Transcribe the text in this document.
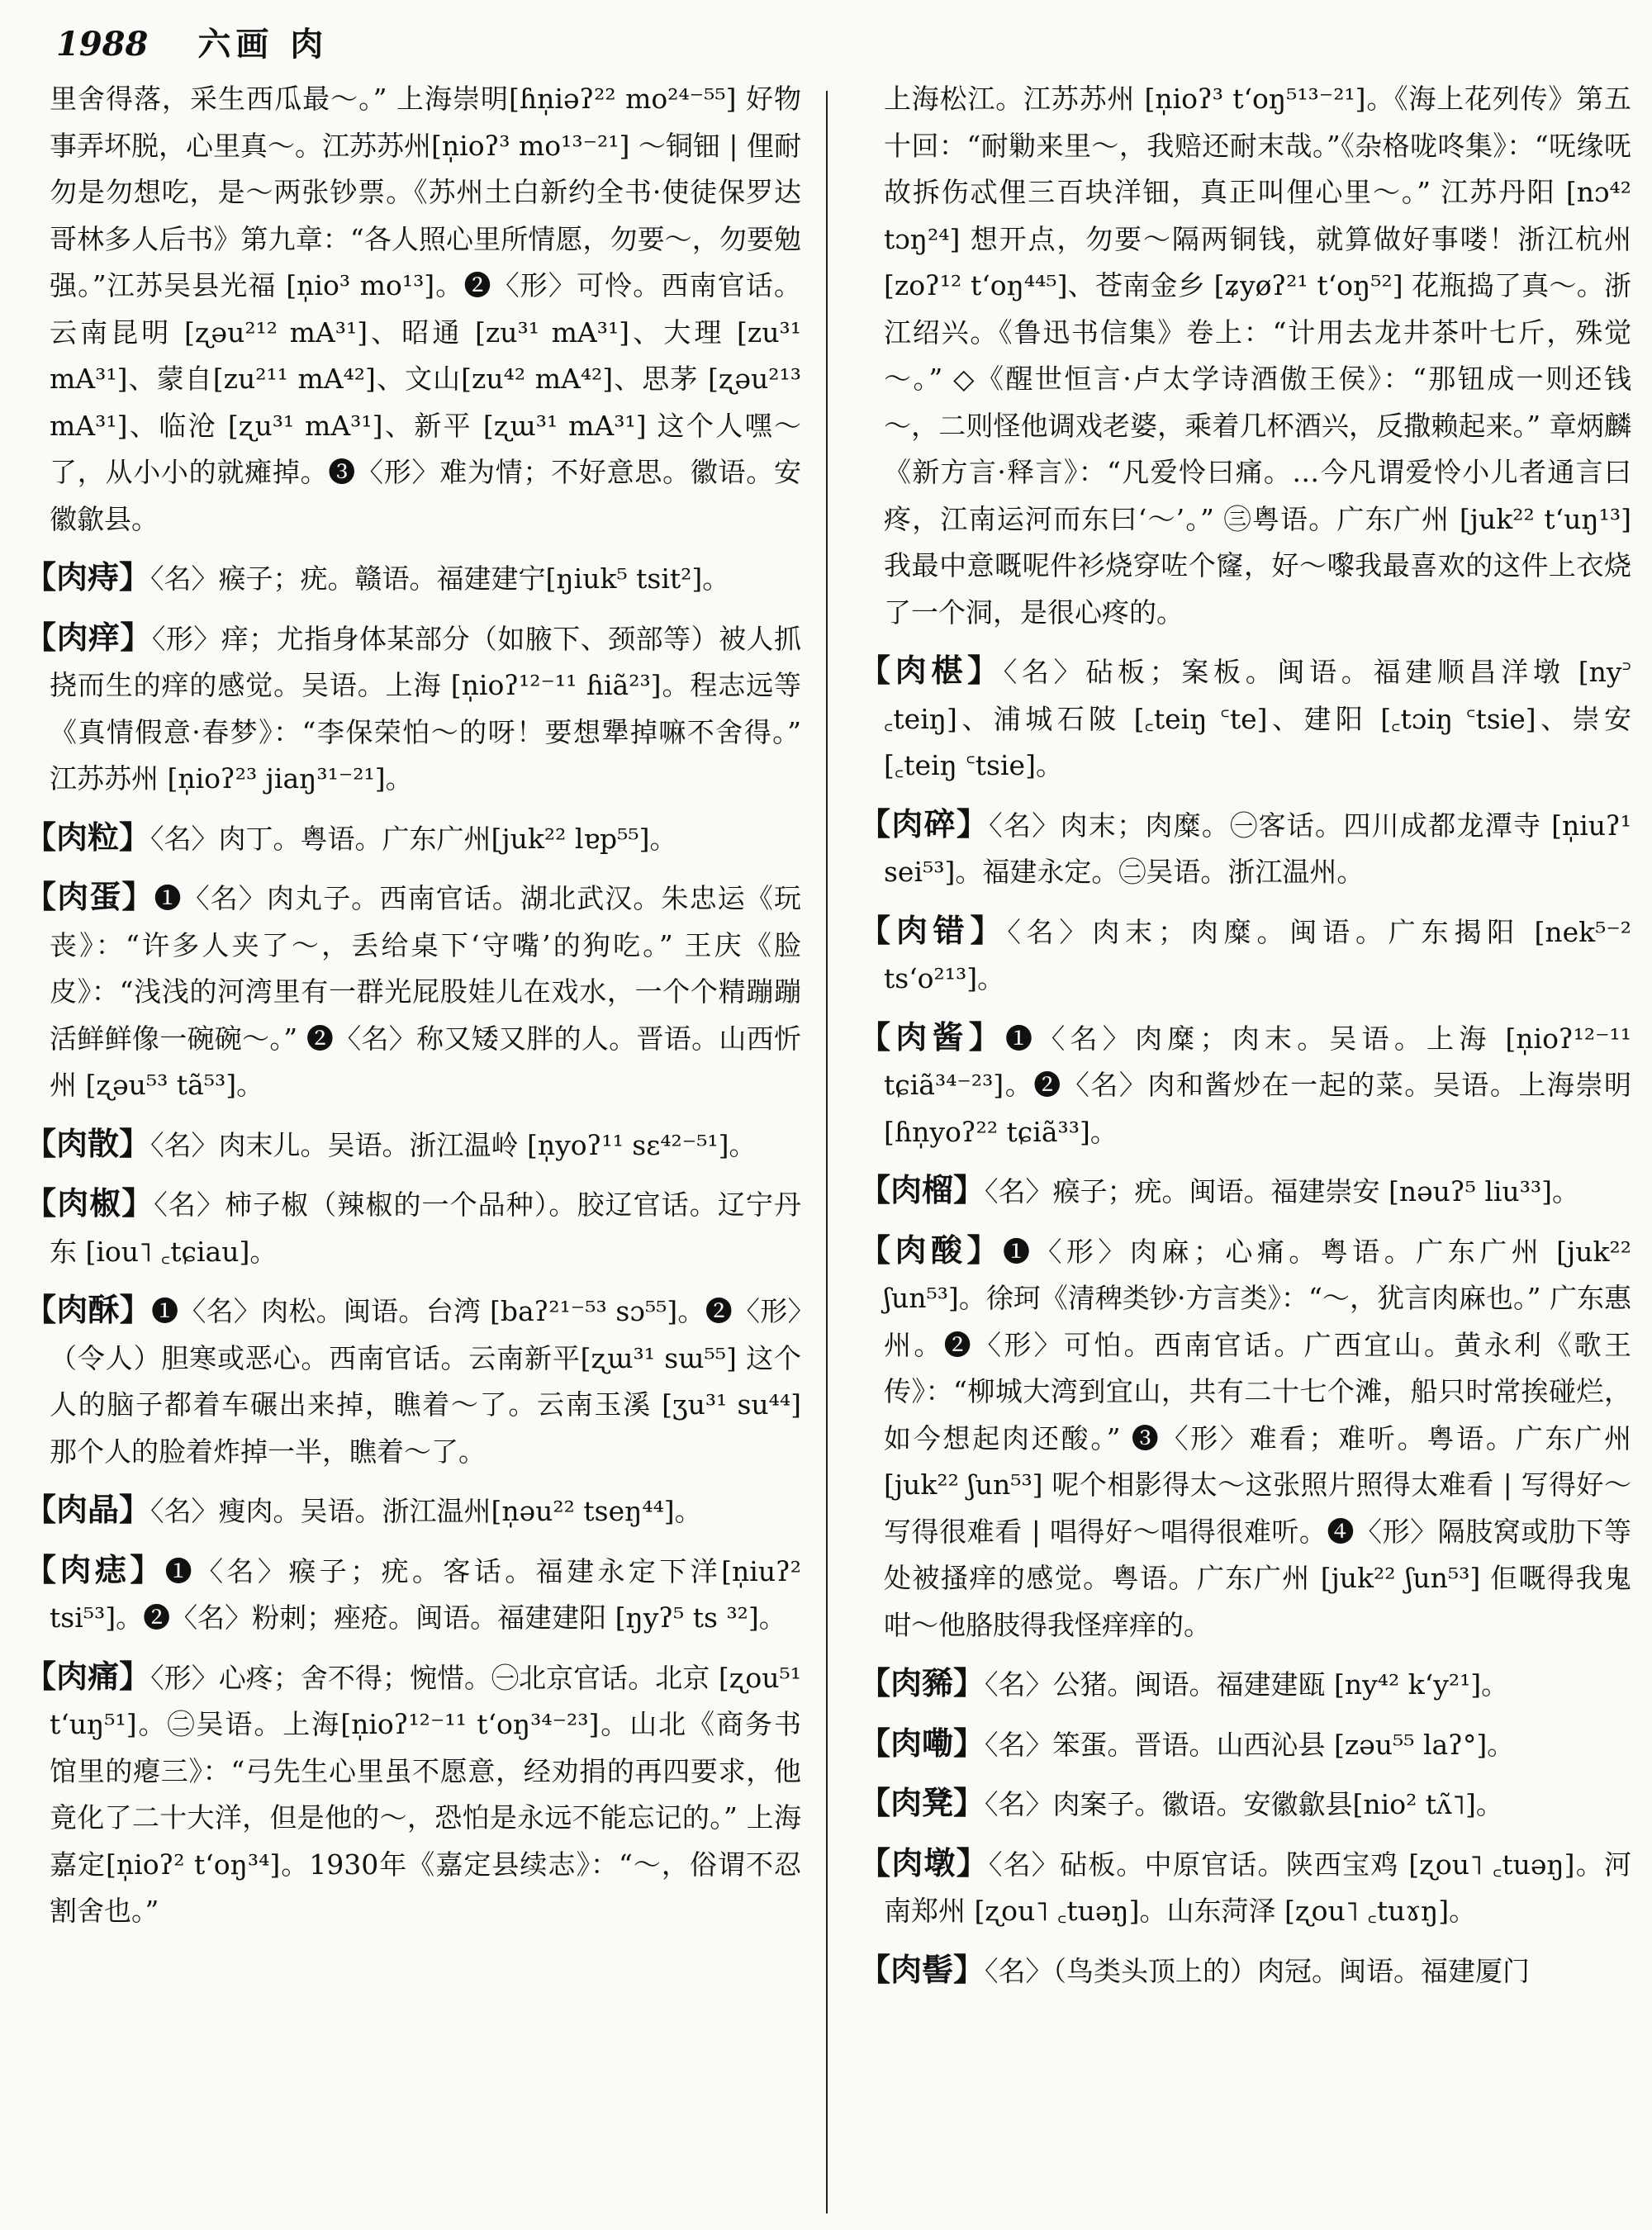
1988 六画 肉

里舍得落，采生西瓜最～。” 上海崇明[ɦn̩iəʔ²² mo²⁴⁻⁵⁵] 好物事弄坏脱，心里真～。江苏苏州[n̩ioʔ³ mo¹³⁻²¹] ～铜钿 | 俚耐勿是勿想吃，是～两张钞票。《苏州土白新约全书·使徒保罗达哥林多人后书》第九章：“各人照心里所情愿，勿要～，勿要勉强。”江苏吴县光福 [n̩io³ mo¹³]。❷〈形〉可怜。西南官话。云南昆明 [ʐəu²¹² mA³¹]、昭通 [zu³¹ mA³¹]、大理 [zu³¹ mA³¹]、蒙自[zu²¹¹ mA⁴²]、文山[zu⁴² mA⁴²]、思茅 [ʐəu²¹³ mA³¹]、临沧 [ʐu³¹ mA³¹]、新平 [ʐɯ³¹ mA³¹] 这个人嘿～了，从小小的就瘫掉。❸〈形〉难为情；不好意思。徽语。安徽歙县。

【肉痔】〈名〉瘊子；疣。赣语。福建建宁[ŋiuk⁵ tsit²]。

【肉痒】〈形〉痒；尤指身体某部分（如腋下、颈部等）被人抓挠而生的痒的感觉。吴语。上海 [n̩ioʔ¹²⁻¹¹ ɦiã²³]。程志远等《真情假意·春梦》：“李保荣怕～的呀！要想犟掉嘛不舍得。” 江苏苏州 [n̩ioʔ²³ jiaŋ³¹⁻²¹]。

【肉粒】〈名〉肉丁。粤语。广东广州[juk²² lɐp⁵⁵]。

【肉蛋】❶〈名〉肉丸子。西南官话。湖北武汉。朱忠运《玩丧》：“许多人夹了～，丢给桌下‘守嘴’的狗吃。” 王庆《脸皮》：“浅浅的河湾里有一群光屁股娃儿在戏水，一个个精蹦蹦活鲜鲜像一碗碗～。” ❷〈名〉称又矮又胖的人。晋语。山西忻州 [ʐəu⁵³ tã⁵³]。

【肉散】〈名〉肉末儿。吴语。浙江温岭 [n̩yoʔ¹¹ sɛ⁴²⁻⁵¹]。

【肉椒】〈名〉柿子椒（辣椒的一个品种）。胶辽官话。辽宁丹东 [iou˥ ꜀tɕiau]。

【肉酥】❶〈名〉肉松。闽语。台湾 [baʔ²¹⁻⁵³ sɔ⁵⁵]。❷〈形〉（令人）胆寒或恶心。西南官话。云南新平[ʐɯ³¹ sɯ⁵⁵] 这个人的脑子都着车碾出来掉，瞧着～了。云南玉溪 [ʒu³¹ su⁴⁴] 那个人的脸着炸掉一半，瞧着～了。

【肉晶】〈名〉瘦肉。吴语。浙江温州[n̩əu²² tseŋ⁴⁴]。

【肉痣】❶〈名〉瘊子；疣。客话。福建永定下洋[n̩iuʔ² tsi⁵³]。❷〈名〉粉刺；痤疮。闽语。福建建阳 [ŋyʔ⁵ ts ³²]。

【肉痛】〈形〉心疼；舍不得；惋惜。㊀北京官话。北京 [ʐou⁵¹ t‘uŋ⁵¹]。㊁吴语。上海[n̩ioʔ¹²⁻¹¹ t‘oŋ³⁴⁻²³]。山北《商务书馆里的瘪三》：“弓先生心里虽不愿意，经劝捐的再四要求，他竟化了二十大洋，但是他的～，恐怕是永远不能忘记的。” 上海嘉定[n̩ioʔ² t‘oŋ³⁴]。1930年《嘉定县续志》：“～，俗谓不忍割舍也。”

上海松江。江苏苏州 [n̩ioʔ³ t‘oŋ⁵¹³⁻²¹]。《海上花列传》第五十回：“耐勦来里～，我赔还耐末哉。”《杂格咙咚集》：“呒缘呒故拆伤忒俚三百块洋钿，真正叫俚心里～。” 江苏丹阳 [nɔ⁴² tɔŋ²⁴] 想开点，勿要～隔两铜钱，就算做好事喽！浙江杭州[zoʔ¹² t‘oŋ⁴⁴⁵]、苍南金乡 [ʑyøʔ²¹ t‘oŋ⁵²] 花瓶捣了真～。浙江绍兴。《鲁迅书信集》卷上：“计用去龙井茶叶七斤，殊觉～。” ◇《醒世恒言·卢太学诗酒傲王侯》：“那钮成一则还钱～，二则怪他调戏老婆，乘着几杯酒兴，反撒赖起来。” 章炳麟《新方言·释言》：“凡爱怜曰痛。…今凡谓爱怜小儿者通言曰疼，江南运河而东曰‘～’。” ㊂粤语。广东广州 [juk²² t‘uŋ¹³] 我最中意嘅呢件衫烧穿咗个窿，好～嚟我最喜欢的这件上衣烧了一个洞，是很心疼的。

【肉椹】〈名〉砧板；案板。闽语。福建顺昌洋墩 [ny꜄ ꜀teiŋ]、浦城石陂 [꜀teiŋ ꜂te]、建阳 [꜀tɔiŋ ꜂tsie]、崇安 [꜀teiŋ ꜂tsie]。

【肉碎】〈名〉肉末；肉糜。㊀客话。四川成都龙潭寺 [n̩iuʔ¹ sei⁵³]。福建永定。㊁吴语。浙江温州。

【肉错】〈名〉肉末；肉糜。闽语。广东揭阳 [nek⁵⁻² ts‘o²¹³]。

【肉酱】❶〈名〉肉糜；肉末。吴语。上海 [n̩ioʔ¹²⁻¹¹ tɕiã³⁴⁻²³]。❷〈名〉肉和酱炒在一起的菜。吴语。上海崇明[ɦn̩yoʔ²² tɕiã³³]。

【肉榴】〈名〉瘊子；疣。闽语。福建崇安 [nəuʔ⁵ liu³³]。

【肉酸】❶〈形〉肉麻；心痛。粤语。广东广州 [juk²² ʃun⁵³]。徐珂《清稗类钞·方言类》：“～，犹言肉麻也。” 广东惠州。❷〈形〉可怕。西南官话。广西宜山。黄永利《歌王传》：“柳城大湾到宜山，共有二十七个滩，船只时常挨碰烂，如今想起肉还酸。” ❸〈形〉难看；难听。粤语。广东广州 [juk²² ʃun⁵³] 呢个相影得太～这张照片照得太难看 | 写得好～写得很难看 | 唱得好～唱得很难听。❹〈形〉隔肢窝或肋下等处被搔痒的感觉。粤语。广东广州 [juk²² ʃun⁵³] 佢嘅得我鬼咁～他胳肢得我怪痒痒的。

【肉豨】〈名〉公猪。闽语。福建建瓯 [ny⁴² k‘y²¹]。

【肉嘞】〈名〉笨蛋。晋语。山西沁县 [zəu⁵⁵ laʔ°]。

【肉凳】〈名〉肉案子。徽语。安徽歙县[nio² tʌ̃˥]。

【肉墩】〈名〉砧板。中原官话。陕西宝鸡 [ʐou˥ ꜀tuəŋ]。河南郑州 [ʐou˥ ꜀tuəŋ]。山东菏泽 [ʐou˥ ꜀tuɤŋ]。

【肉髻】〈名〉（鸟类头顶上的）肉冠。闽语。福建厦门
